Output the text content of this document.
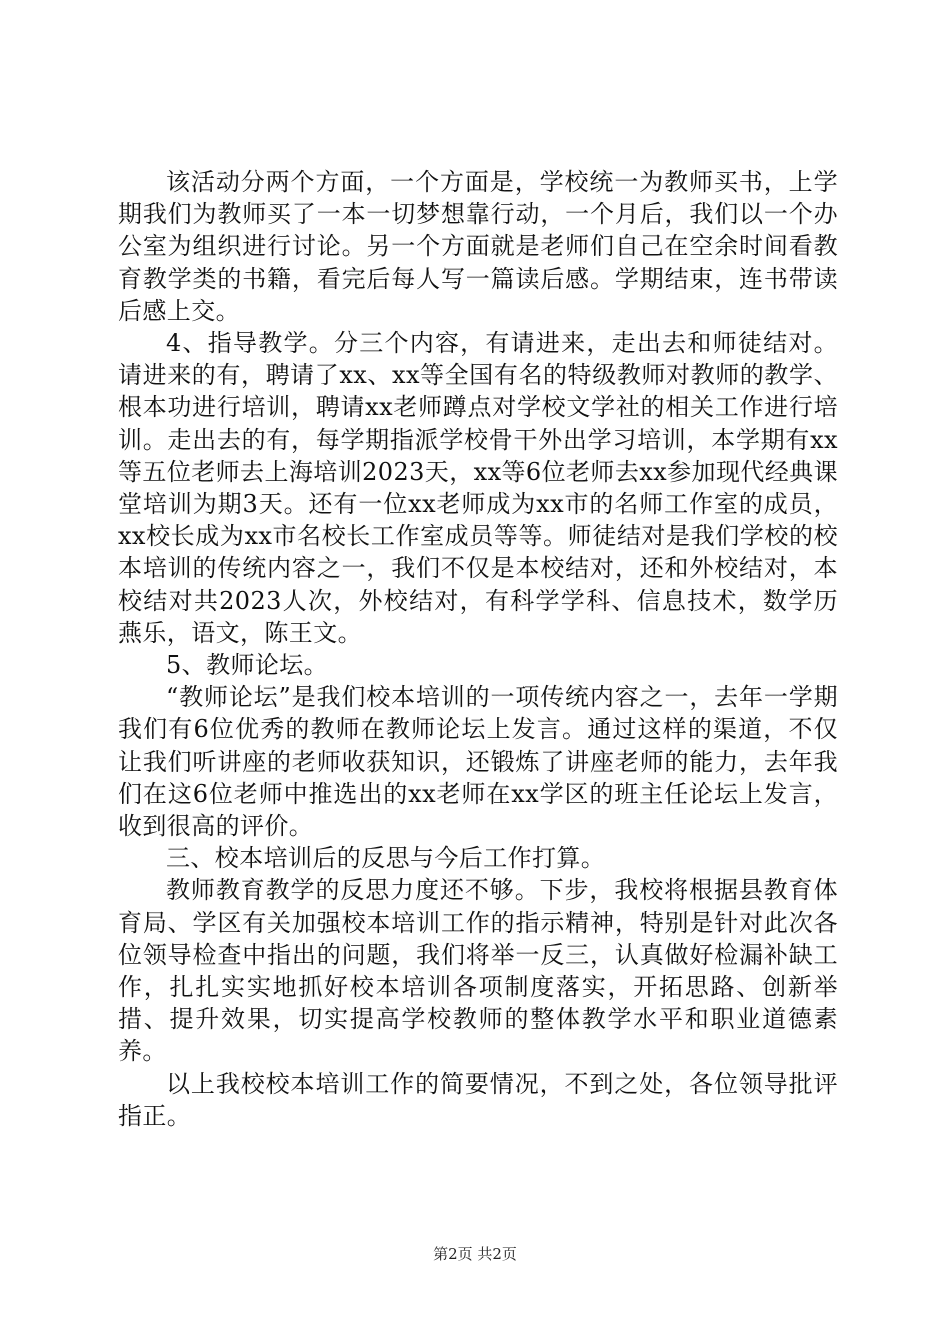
该活动分两个方面，一个方面是，学校统一为教师买书，上学期我们为教师买了一本一切梦想靠行动，一个月后，我们以一个办公室为组织进行讨论。另一个方面就是老师们自己在空余时间看教育教学类的书籍，看完后每人写一篇读后感。学期结束，连书带读后感上交。

4、指导教学。分三个内容，有请进来，走出去和师徒结对。请进来的有，聘请了xx、xx等全国有名的特级教师对教师的教学、根本功进行培训，聘请xx老师蹲点对学校文学社的相关工作进行培训。走出去的有，每学期指派学校骨干外出学习培训，本学期有xx等五位老师去上海培训2023天，xx等6位老师去xx参加现代经典课堂培训为期3天。还有一位xx老师成为xx市的名师工作室的成员，xx校长成为xx市名校长工作室成员等等。师徒结对是我们学校的校本培训的传统内容之一，我们不仅是本校结对，还和外校结对，本校结对共2023人次，外校结对，有科学学科、信息技术，数学历燕乐，语文，陈王文。

5、教师论坛。

“教师论坛”是我们校本培训的一项传统内容之一，去年一学期我们有6位优秀的教师在教师论坛上发言。通过这样的渠道，不仅让我们听讲座的老师收获知识，还锻炼了讲座老师的能力，去年我们在这6位老师中推选出的xx老师在xx学区的班主任论坛上发言，收到很高的评价。

三、校本培训后的反思与今后工作打算。

教师教育教学的反思力度还不够。下步，我校将根据县教育体育局、学区有关加强校本培训工作的指示精神，特别是针对此次各位领导检查中指出的问题，我们将举一反三，认真做好检漏补缺工作，扎扎实实地抓好校本培训各项制度落实，开拓思路、创新举措、提升效果，切实提高学校教师的整体教学水平和职业道德素养。

以上我校校本培训工作的简要情况，不到之处，各位领导批评指正。

第2页 共2页
